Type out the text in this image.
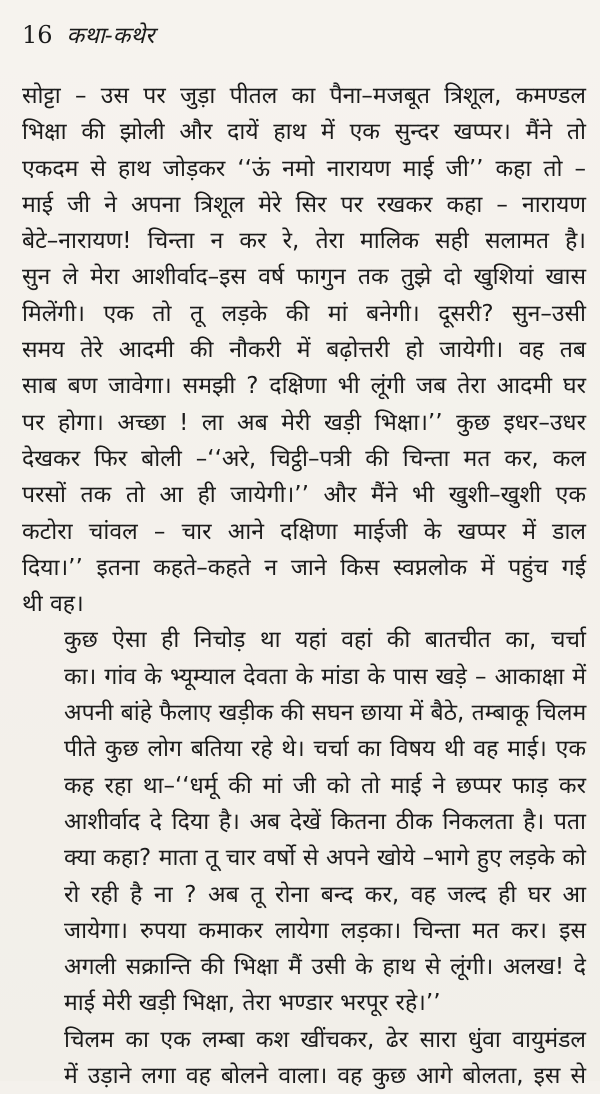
16 कथा-कथेर

सोट्टा – उस पर जुड़ा पीतल का पैना–मजबूत त्रिशूल, कमण्डल
भिक्षा की झोली और दायें हाथ में एक सुन्दर खप्पर। मैंने तो
एकदम से हाथ जोड़कर ‘‘ऊं नमो नारायण माई जी’’ कहा तो –
माई जी ने अपना त्रिशूल मेरे सिर पर रखकर कहा – नारायण
बेटे–नारायण! चिन्ता न कर रे, तेरा मालिक सही सलामत है।
सुन ले मेरा आशीर्वाद–इस वर्ष फागुन तक तुझे दो खुशियां खास
मिलेंगी। एक तो तू लड़के की मां बनेगी। दूसरी? सुन–उसी
समय तेरे आदमी की नौकरी में बढ़ोत्तरी हो जायेगी। वह तब
साब बण जावेगा। समझी ? दक्षिणा भी लूंगी जब तेरा आदमी घर
पर होगा। अच्छा ! ला अब मेरी खड़ी भिक्षा।’’ कुछ इधर–उधर
देखकर फिर बोली –‘‘अरे, चिट्ठी–पत्री की चिन्ता मत कर, कल
परसों तक तो आ ही जायेगी।’’ और मैंने भी खुशी–खुशी एक
कटोरा चांवल – चार आने दक्षिणा माईजी के खप्पर में डाल
दिया।’’ इतना कहते–कहते न जाने किस स्वप्नलोक में पहुंच गई
थी वह।

कुछ ऐसा ही निचोड़ था यहां वहां की बातचीत का, चर्चा
का। गांव के भ्यूम्याल देवता के मांडा के पास खड़े – आकाक्षा में
अपनी बांहे फैलाए खड़ीक की सघन छाया में बैठे, तम्बाकू चिलम
पीते कुछ लोग बतिया रहे थे। चर्चा का विषय थी वह माई। एक
कह रहा था–‘‘धर्मू की मां जी को तो माई ने छप्पर फाड़ कर
आशीर्वाद दे दिया है। अब देखें कितना ठीक निकलता है। पता
क्या कहा? माता तू चार वर्षो से अपने खोये –भागे हुए लड़के को
रो रही है ना ? अब तू रोना बन्द कर, वह जल्द ही घर आ
जायेगा। रुपया कमाकर लायेगा लड़का। चिन्ता मत कर। इस
अगली सक्रान्ति की भिक्षा मैं उसी के हाथ से लूंगी। अलख! दे
माई मेरी खड़ी भिक्षा, तेरा भण्डार भरपूर रहे।’’

चिलम का एक लम्बा कश खींचकर, ढेर सारा धुंवा वायुमंडल
में उड़ाने लगा वह बोलने वाला। वह कुछ आगे बोलता, इस से
